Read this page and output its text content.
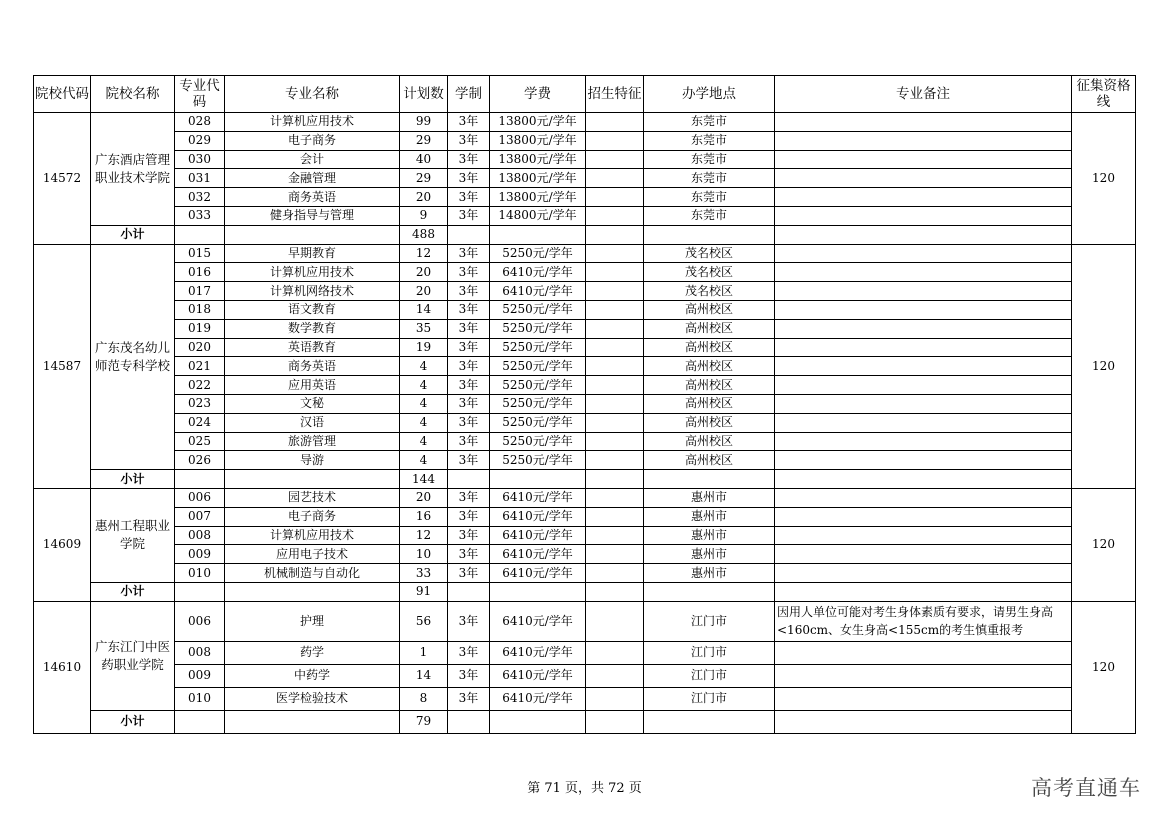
院校代码	院校名称	专业代码	专业名称	计划数	学制	学费	招生特征	办学地点	专业备注	征集资格线
14572	广东酒店管理职业技术学院	028	计算机应用技术	99	3年	13800元/学年		东莞市		120
		029	电子商务	29	3年	13800元/学年		东莞市		
		030	会计	40	3年	13800元/学年		东莞市		
		031	金融管理	29	3年	13800元/学年		东莞市		
		032	商务英语	20	3年	13800元/学年		东莞市		
		033	健身指导与管理	9	3年	14800元/学年		东莞市		
	小计			488						
14587	广东茂名幼儿师范专科学校	015	早期教育	12	3年	5250元/学年		茂名校区		120
		016	计算机应用技术	20	3年	6410元/学年		茂名校区		
		017	计算机网络技术	20	3年	6410元/学年		茂名校区		
		018	语文教育	14	3年	5250元/学年		高州校区		
		019	数学教育	35	3年	5250元/学年		高州校区		
		020	英语教育	19	3年	5250元/学年		高州校区		
		021	商务英语	4	3年	5250元/学年		高州校区		
		022	应用英语	4	3年	5250元/学年		高州校区		
		023	文秘	4	3年	5250元/学年		高州校区		
		024	汉语	4	3年	5250元/学年		高州校区		
		025	旅游管理	4	3年	5250元/学年		高州校区		
		026	导游	4	3年	5250元/学年		高州校区		
	小计			144						
14609	惠州工程职业学院	006	园艺技术	20	3年	6410元/学年		惠州市		120
		007	电子商务	16	3年	6410元/学年		惠州市		
		008	计算机应用技术	12	3年	6410元/学年		惠州市		
		009	应用电子技术	10	3年	6410元/学年		惠州市		
		010	机械制造与自动化	33	3年	6410元/学年		惠州市		
	小计			91						
14610	广东江门中医药职业学院	006	护理	56	3年	6410元/学年		江门市	因用人单位可能对考生身体素质有要求，请男生身高<160cm、女生身高<155cm的考生慎重报考	120
		008	药学	1	3年	6410元/学年		江门市		
		009	中药学	14	3年	6410元/学年		江门市		
		010	医学检验技术	8	3年	6410元/学年		江门市		
	小计			79						
第 71 页，共 72 页	高考直通车
